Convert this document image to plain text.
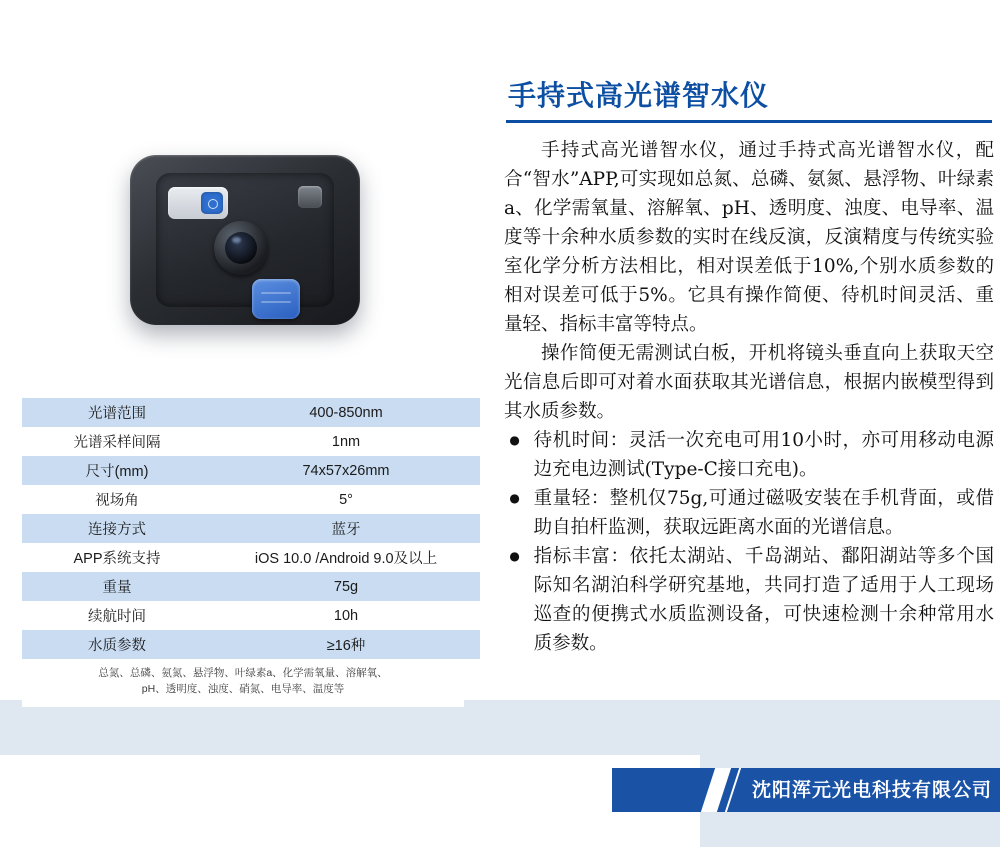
光谱范围	400-850nm
光谱采样间隔	1nm
尺寸(mm)	74x57x26mm
视场角	5°
连接方式	蓝牙
APP系统支持	iOS 10.0 /Android 9.0及以上
重量	75g
续航时间	10h
水质参数	≥16种
总氮、总磷、氨氮、悬浮物、叶绿素a、化学需氧量、溶解氧、
pH、透明度、浊度、硝氮、电导率、温度等
手持式高光谱智水仪

手持式高光谱智水仪，通过手持式高光谱智水仪，配合“智水”APP,可实现如总氮、总磷、氨氮、悬浮物、叶绿素a、化学需氧量、溶解氧、pH、透明度、浊度、电导率、温度等十余种水质参数的实时在线反演，反演精度与传统实验室化学分析方法相比，相对误差低于10%,个别水质参数的相对误差可低于5%。它具有操作简便、待机时间灵活、重量轻、指标丰富等特点。

操作简便无需测试白板，开机将镜头垂直向上获取天空光信息后即可对着水面获取其光谱信息，根据内嵌模型得到其水质参数。

● 待机时间：灵活一次充电可用10小时，亦可用移动电源边充电边测试(Type-C接口充电)。

● 重量轻：整机仅75g,可通过磁吸安装在手机背面，或借助自拍杆监测，获取远距离水面的光谱信息。

● 指标丰富：依托太湖站、千岛湖站、鄱阳湖站等多个国际知名湖泊科学研究基地，共同打造了适用于人工现场巡查的便携式水质监测设备，可快速检测十余种常用水质参数。

沈阳浑元光电科技有限公司
